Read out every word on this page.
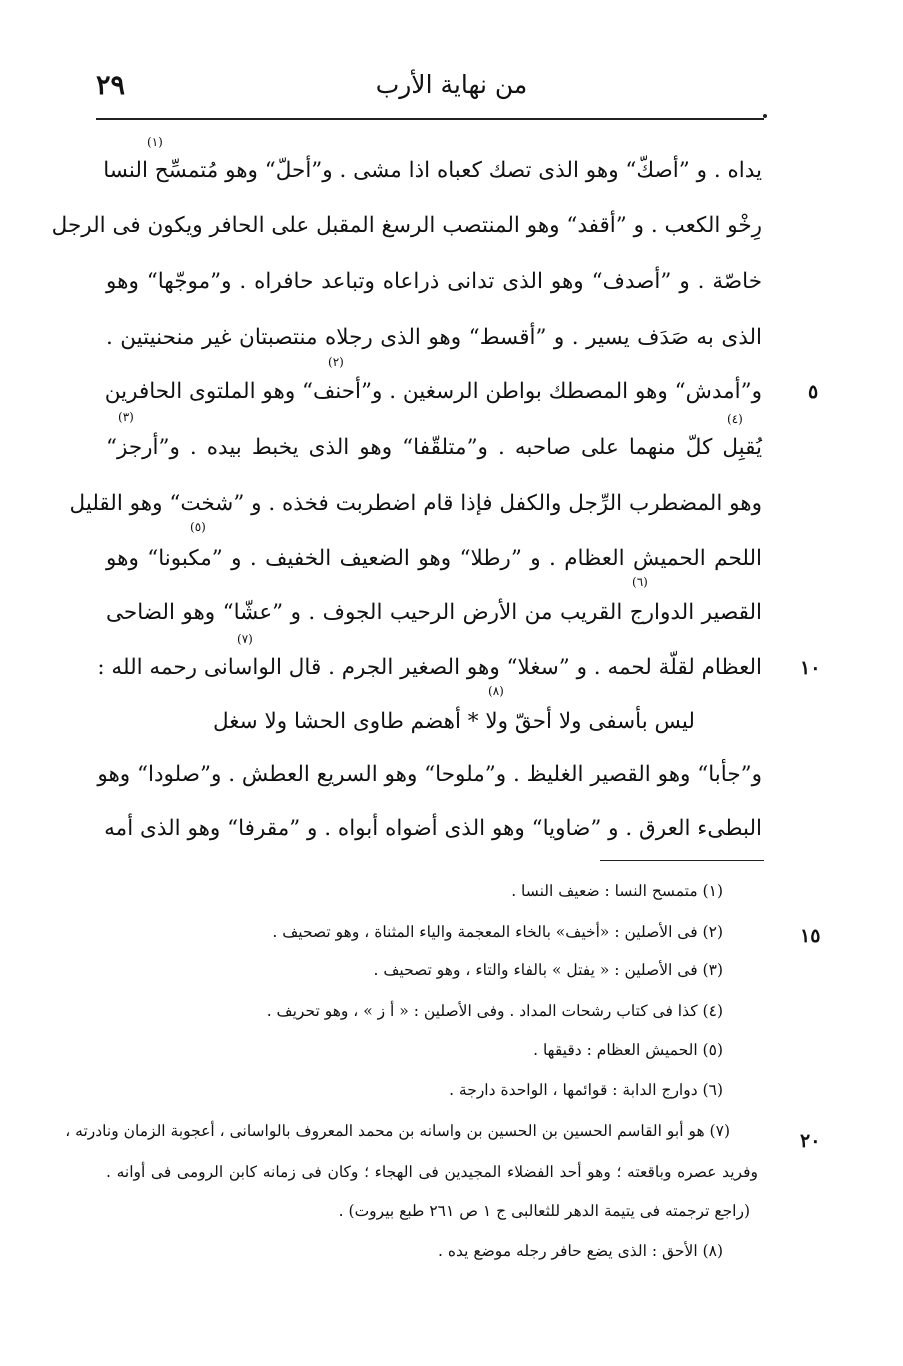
٢٩	من نهاية الأرب
يداه . و ”أصكّ“ وهو الذى تصك كعباه اذا مشى . و”أحلّ“ وهو مُتمسِّح النسا
رِخْو الكعب . و ”أقفد“ وهو المنتصب الرسغ المقبل على الحافر ويكون فى الرجل
خاصّة . و ”أصدف“ وهو الذى تدانى ذراعاه وتباعد حافراه . و”موجّها“ وهو
الذى به صَدَف يسير . و ”أقسط“ وهو الذى رجلاه منتصبتان غير منحنيتين .
و”أمدش“ وهو المصطك بواطن الرسغين . و”أحنف“ وهو الملتوى الحافرين
يُقبِل كلّ منهما على صاحبه . و”متلقّفا“ وهو الذى يخبط بيده . و”أرجز“
وهو المضطرب الرِّجل والكفل فإذا قام اضطربت فخذه . و ”شخت“ وهو القليل
اللحم الحميش العظام . و ”رطلا“ وهو الضعيف الخفيف . و ”مكبونا“ وهو
القصير الدوارج القريب من الأرض الرحيب الجوف . و ”عشّا“ وهو الضاحى
العظام لقلّة لحمه . و ”سغلا“ وهو الصغير الجرم . قال الواسانى رحمه الله :
ليس بأسفى ولا أحقّ ولا * أهضم طاوى الحشا ولا سغل
و”جأبا“ وهو القصير الغليظ . و”ملوحا“ وهو السريع العطش . و”صلودا“ وهو
البطىء العرق . و ”ضاويا“ وهو الذى أضواه أبواه . و ”مقرفا“ وهو الذى أمه
(١)
(٢)
(٣)	(٤)
(٥)
(٦)
(٧)
(٨)
(١) متمسح النسا : ضعيف النسا .
(٢) فى الأصلين : «أخيف» بالخاء المعجمة والياء المثناة ، وهو تصحيف .
(٣) فى الأصلين : « يفتل » بالفاء والتاء ، وهو تصحيف .
(٤) كذا فى كتاب رشحات المداد . وفى الأصلين : « أ ز » ، وهو تحريف .
(٥) الحميش العظام : دقيقها .
(٦) دوارج الدابة : قوائمها ، الواحدة دارجة .
(٧) هو أبو القاسم الحسين بن الحسين بن واسانه بن محمد المعروف بالواسانى ، أعجوبة الزمان ونادرته ،
وفريد عصره وباقعته ؛ وهو أحد الفضلاء المجيدين فى الهجاء ؛ وكان فى زمانه كابن الرومى فى أوانه .
(راجع ترجمته فى يتيمة الدهر للثعالبى ج ١ ص ٢٦١ طبع بيروت) .
(٨) الأحق : الذى يضع حافر رجله موضع يده .
٥
١٠
١٥
٢٠
